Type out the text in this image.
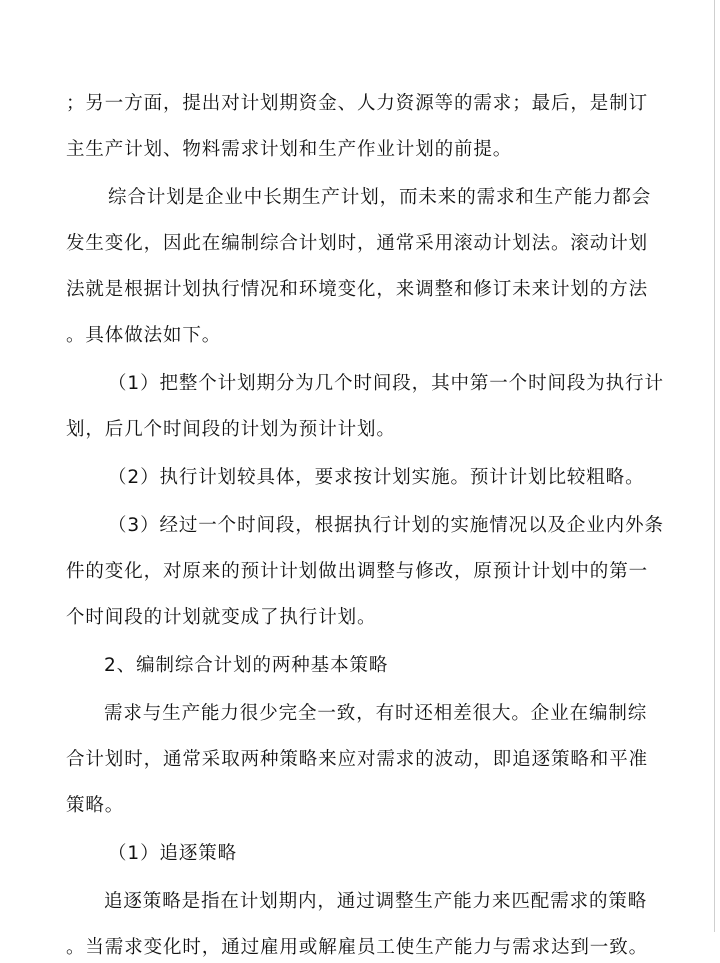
；另一方面，提出对计划期资金、人力资源等的需求；最后，是制订
主生产计划、物料需求计划和生产作业计划的前提。
综合计划是企业中长期生产计划，而未来的需求和生产能力都会
发生变化，因此在编制综合计划时，通常采用滚动计划法。滚动计划
法就是根据计划执行情况和环境变化，来调整和修订未来计划的方法
。具体做法如下。
（1）把整个计划期分为几个时间段，其中第一个时间段为执行计
划，后几个时间段的计划为预计计划。
（2）执行计划较具体，要求按计划实施。预计计划比较粗略。
（3）经过一个时间段，根据执行计划的实施情况以及企业内外条
件的变化，对原来的预计计划做出调整与修改，原预计计划中的第一
个时间段的计划就变成了执行计划。
2、编制综合计划的两种基本策略
需求与生产能力很少完全一致，有时还相差很大。企业在编制综
合计划时，通常采取两种策略来应对需求的波动，即追逐策略和平准
策略。
（1）追逐策略
追逐策略是指在计划期内，通过调整生产能力来匹配需求的策略
。当需求变化时，通过雇用或解雇员工使生产能力与需求达到一致。
